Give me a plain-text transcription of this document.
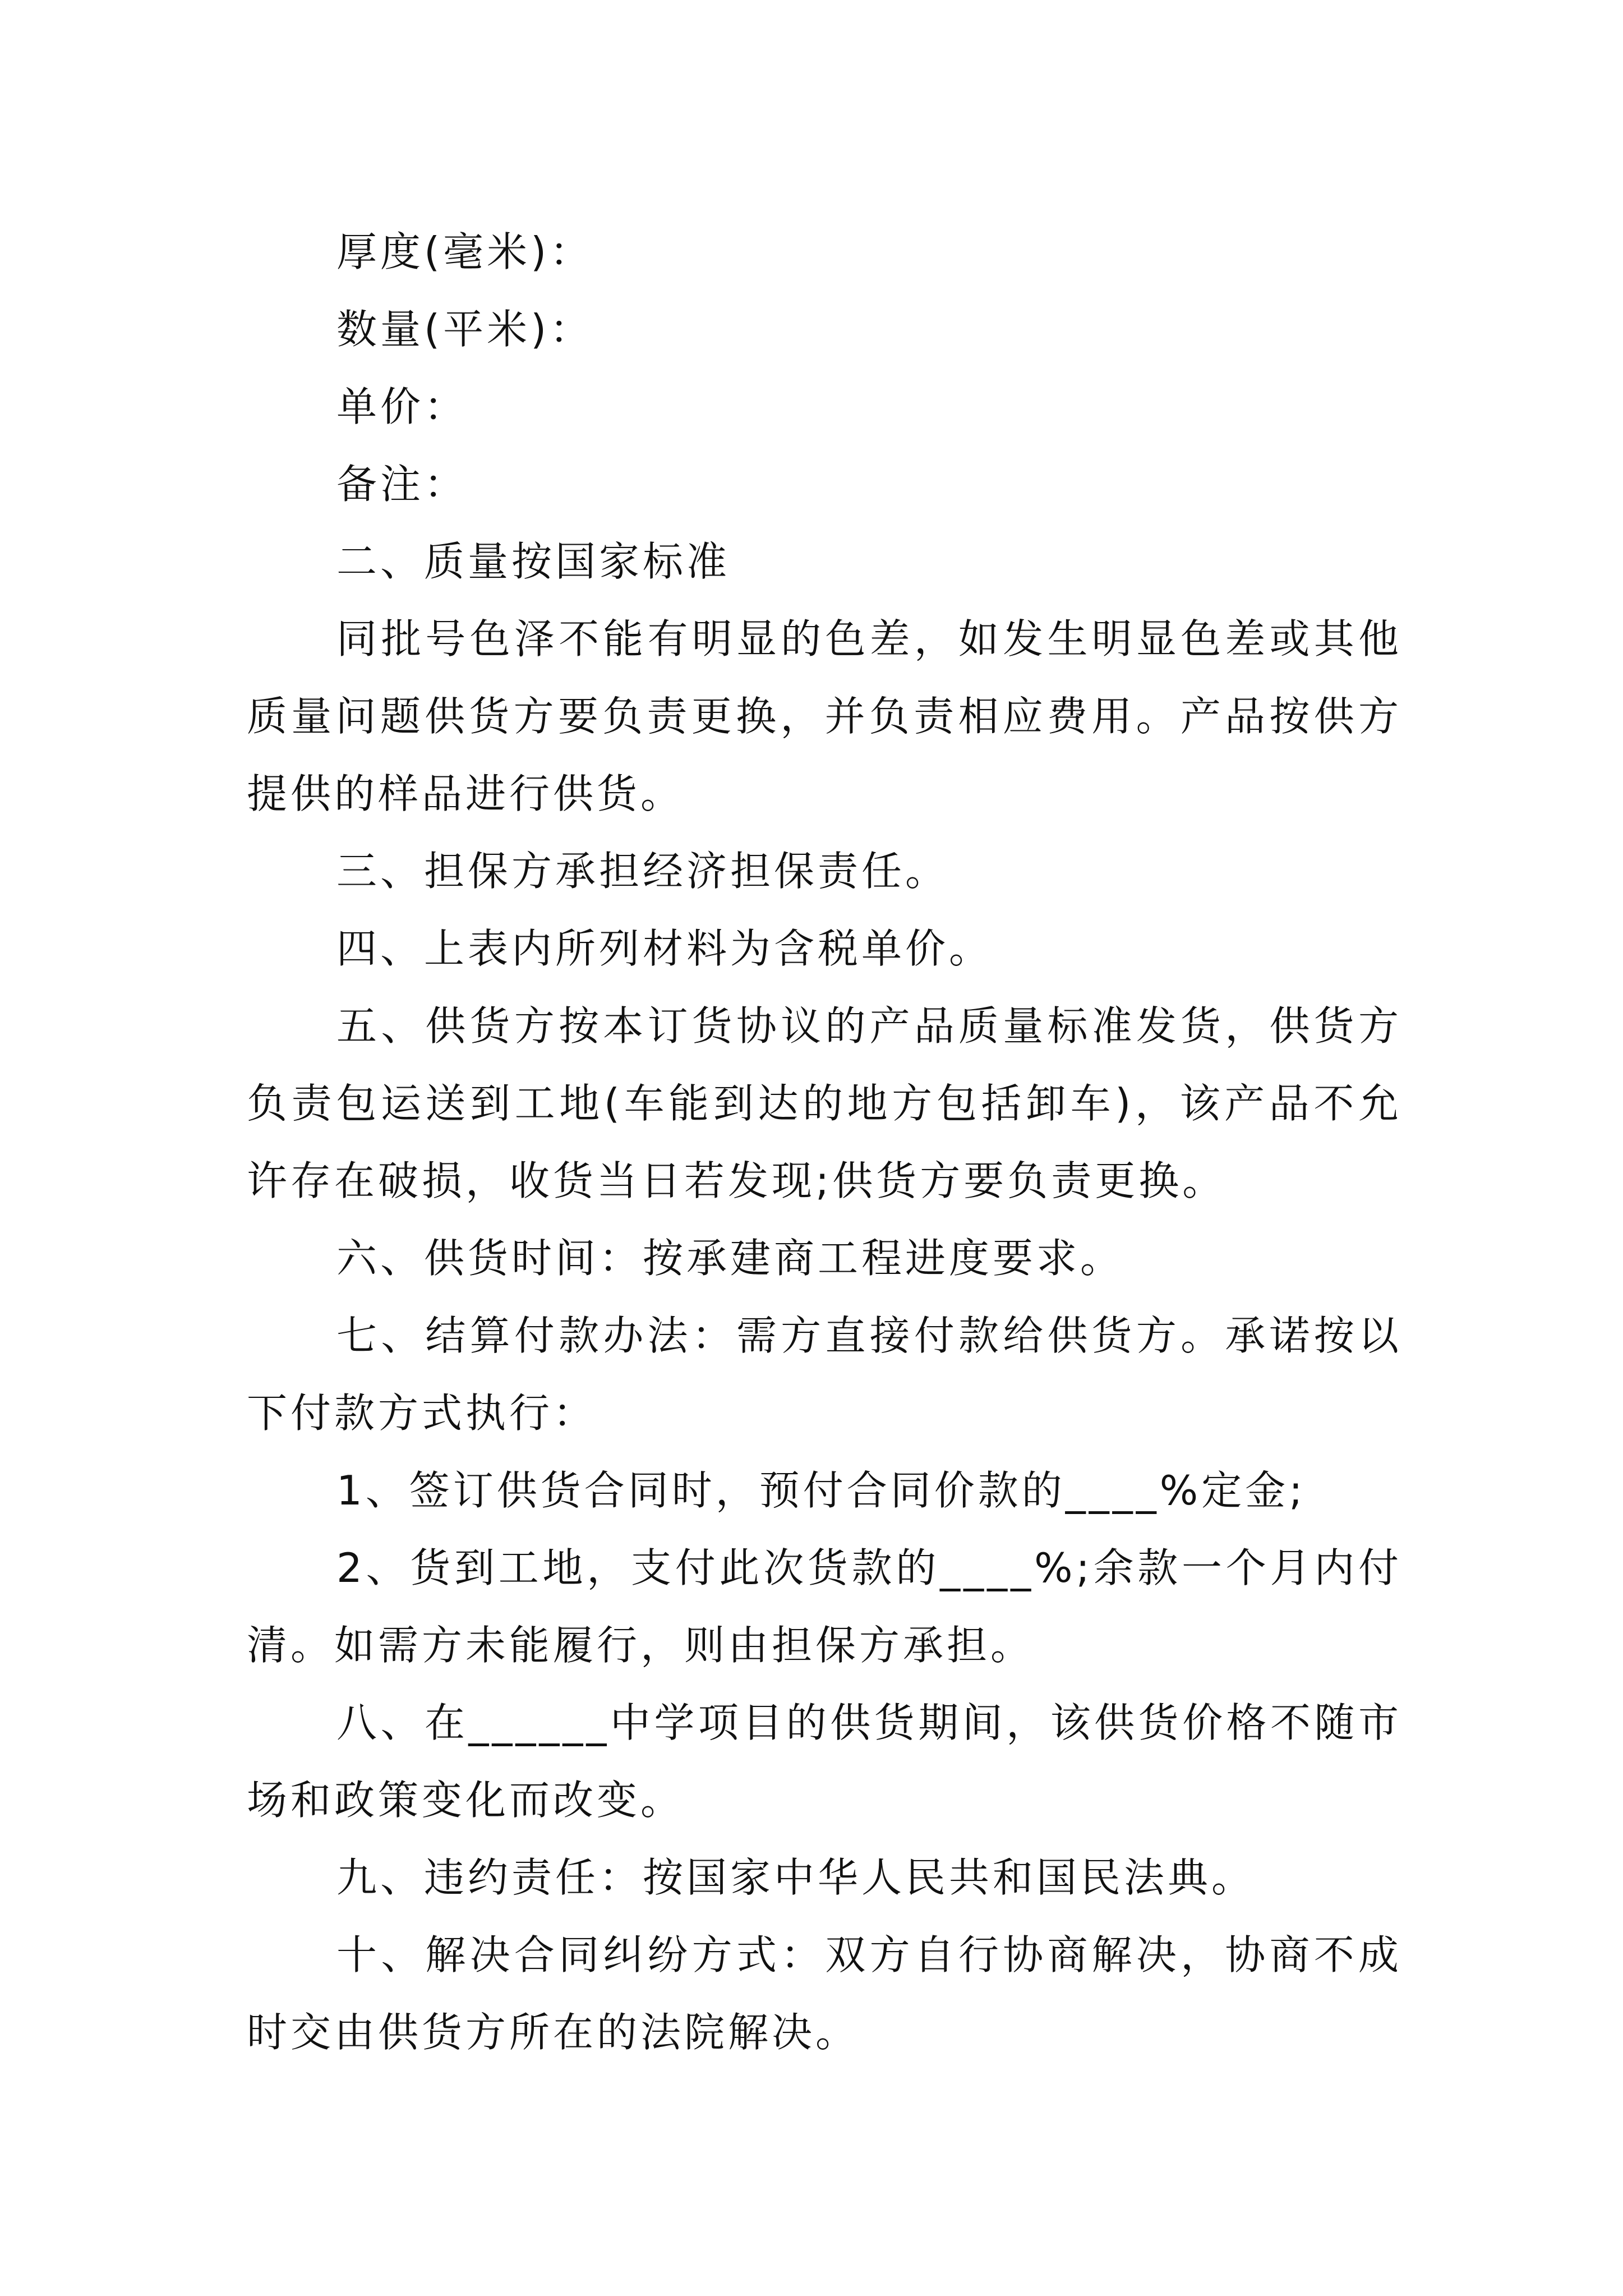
厚度(毫米)：

数量(平米)：

单价：

备注：

二、质量按国家标准

同批号色泽不能有明显的色差，如发生明显色差或其他质量问题供货方要负责更换，并负责相应费用。产品按供方提供的样品进行供货。

三、担保方承担经济担保责任。

四、上表内所列材料为含税单价。

五、供货方按本订货协议的产品质量标准发货，供货方负责包运送到工地(车能到达的地方包括卸车)，该产品不允许存在破损，收货当日若发现;供货方要负责更换。

六、供货时间：按承建商工程进度要求。

七、结算付款办法：需方直接付款给供货方。承诺按以下付款方式执行：

1、签订供货合同时，预付合同价款的____%定金;

2、货到工地，支付此次货款的____%;余款一个月内付清。如需方未能履行，则由担保方承担。

八、在______中学项目的供货期间，该供货价格不随市场和政策变化而改变。

九、违约责任：按国家中华人民共和国民法典。

十、解决合同纠纷方式：双方自行协商解决，协商不成时交由供货方所在的法院解决。
